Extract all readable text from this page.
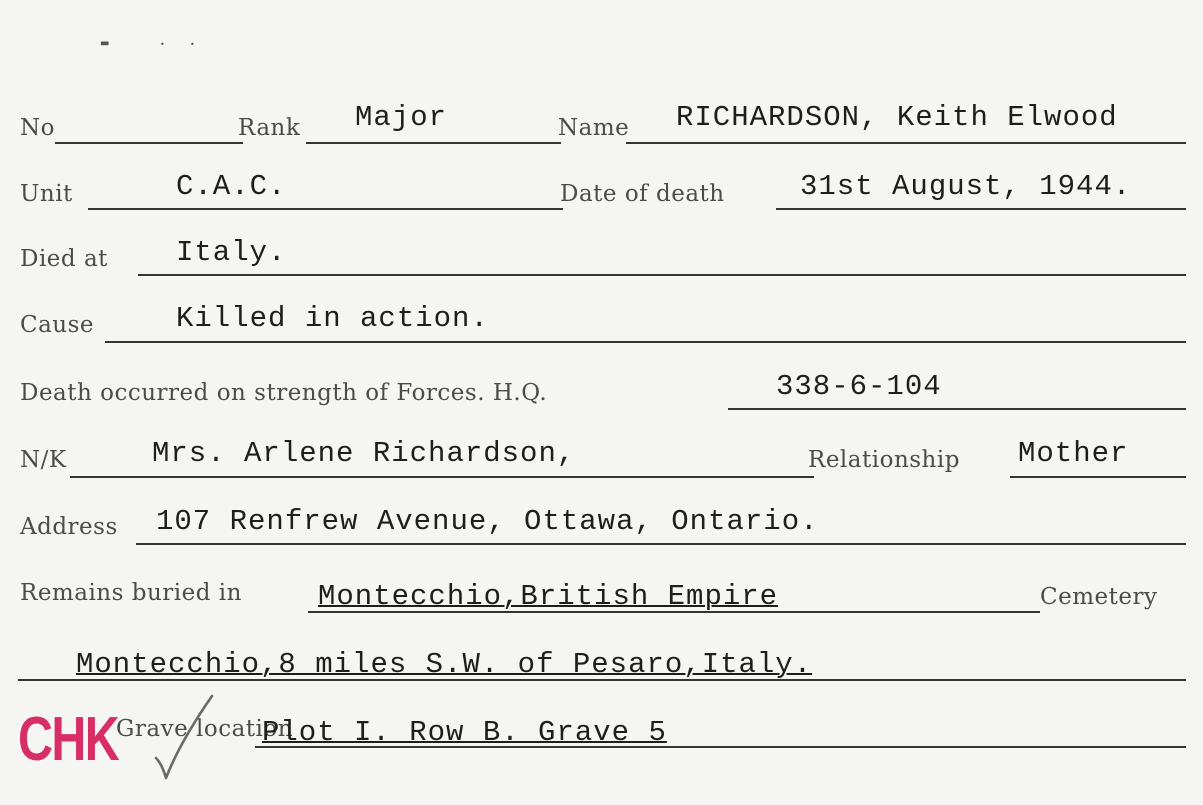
No	Rank Major	Name RICHARDSON, Keith Elwood
Unit	C.A.C.	Date of death	31st August, 1944.
Died at Italy.
Cause	Killed in action.
Death occurred on strength of Forces. H.Q.	338-6-104
N/K	Mrs. Arlene Richardson,	Relationship Mother
Address 107 Renfrew Avenue, Ottawa, Ontario.
Remains buried in	Montecchio,British Empire	Cemetery
Montecchio,8 miles S.W. of Pesaro,Italy.
Grave location
Plot I. Row B. Grave 5
CHK
▬	•	•
